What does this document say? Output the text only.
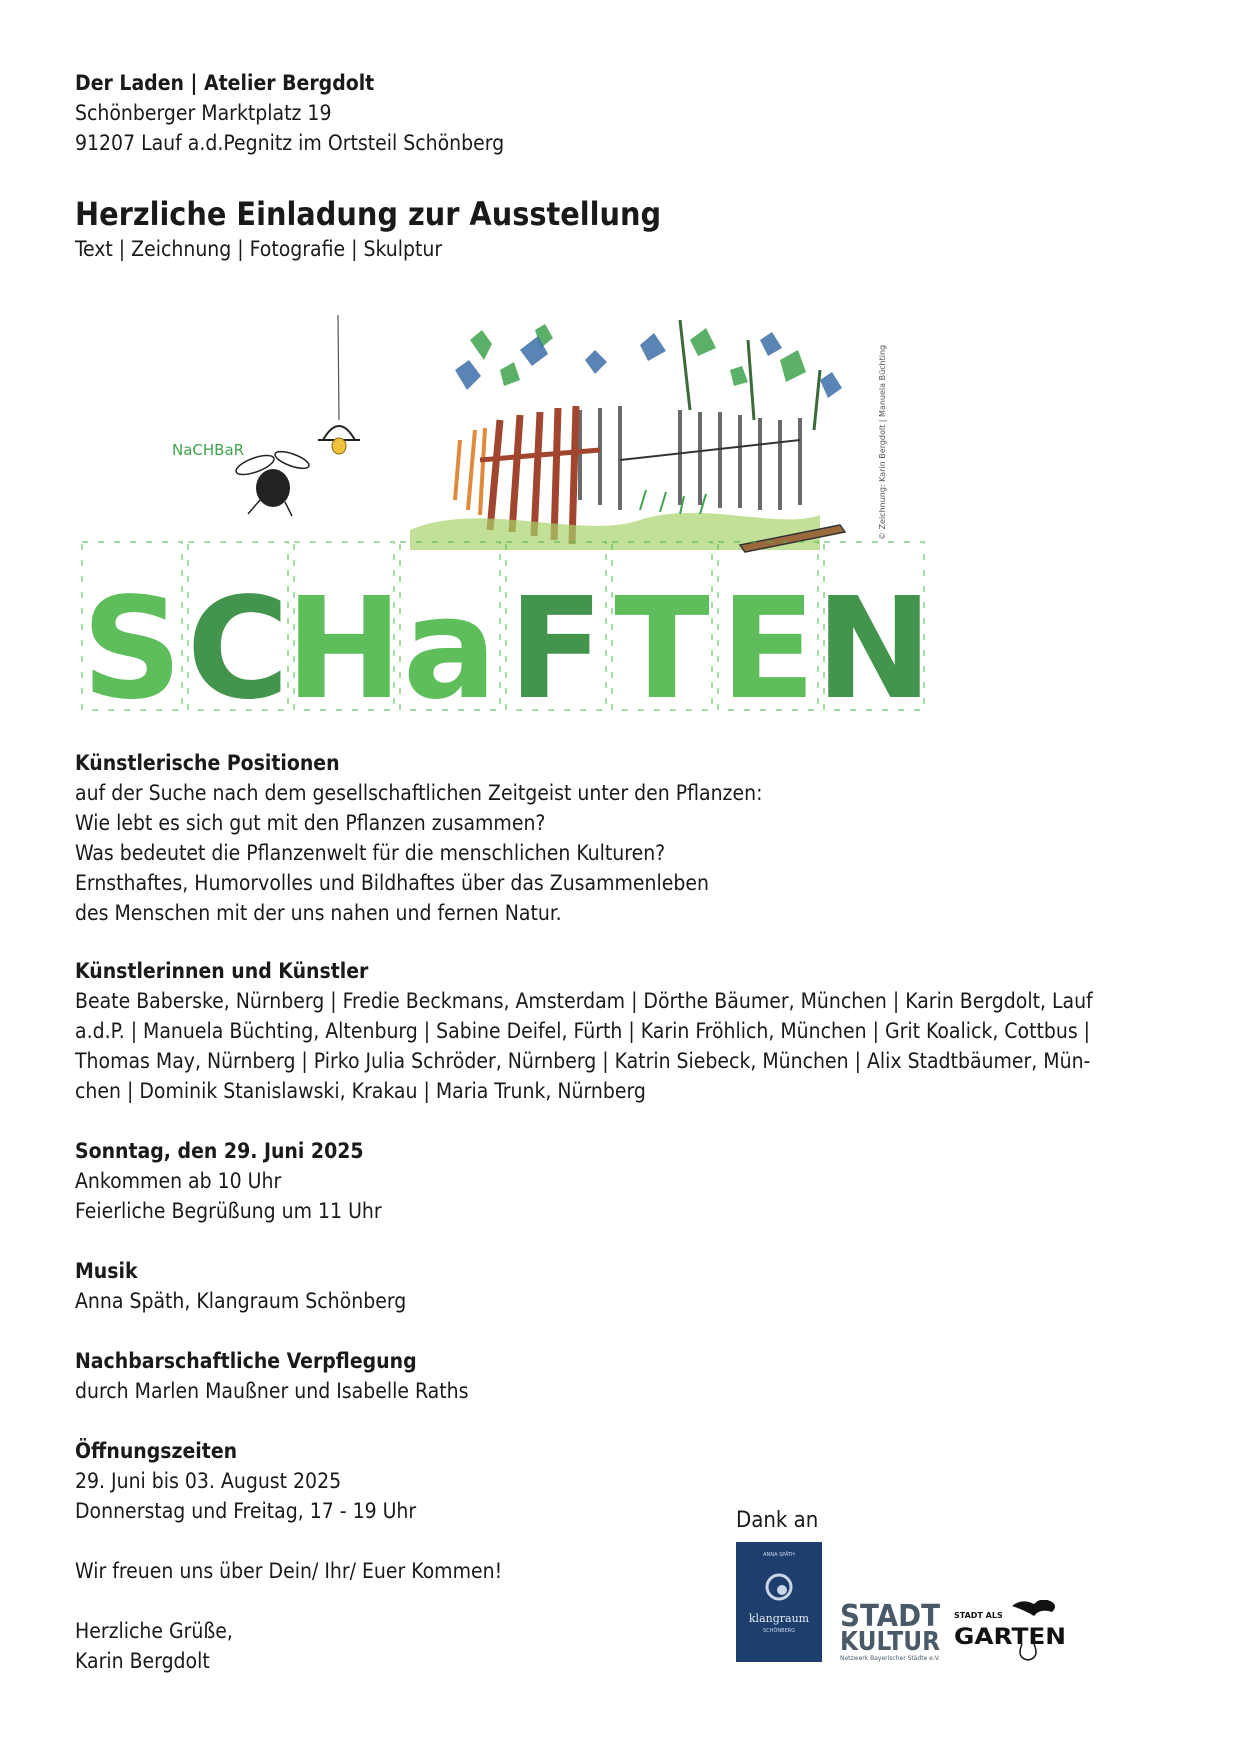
Der Laden | Atelier Bergdolt
Schönberger Marktplatz 19
91207 Lauf a.d.Pegnitz im Ortsteil Schönberg
Herzliche Einladung zur Ausstellung
Text | Zeichnung | Fotografie | Skulptur
NaCHBaR	© Zeichnung: Karin Bergdolt | Manuela Büchting
S C
H a F T E N
Künstlerische Positionen
auf der Suche nach dem gesellschaftlichen Zeitgeist unter den Pflanzen:
Wie lebt es sich gut mit den Pflanzen zusammen?
Was bedeutet die Pflanzenwelt für die menschlichen Kulturen?
Ernsthaftes, Humorvolles und Bildhaftes über das Zusammenleben
des Menschen mit der uns nahen und fernen Natur.
Künstlerinnen und Künstler
Beate Baberske, Nürnberg | Fredie Beckmans, Amsterdam | Dörthe Bäumer, München | Karin Bergdolt, Lauf
a.d.P. | Manuela Büchting, Altenburg | Sabine Deifel, Fürth | Karin Fröhlich, München | Grit Koalick, Cottbus |
Thomas May, Nürnberg | Pirko Julia Schröder, Nürnberg | Katrin Siebeck, München | Alix Stadtbäumer, Mün-
chen | Dominik Stanislawski, Krakau | Maria Trunk, Nürnberg
Sonntag, den 29. Juni 2025
Ankommen ab 10 Uhr
Feierliche Begrüßung um 11 Uhr
Musik
Anna Späth, Klangraum Schönberg
Nachbarschaftliche Verpflegung
durch Marlen Maußner und Isabelle Raths
Öffnungszeiten
29. Juni bis 03. August 2025
Donnerstag und Freitag, 17 - 19 Uhr
Wir freuen uns über Dein/ Ihr/ Euer Kommen!
Herzliche Grüße,
Karin Bergdolt
Dank an
ANNA SPÄTH
klangraum
SCHÖNBERG STADT
KULTUR
Netzwerk Bayerischer Städte e.V.
STADT ALS
GARTEN
